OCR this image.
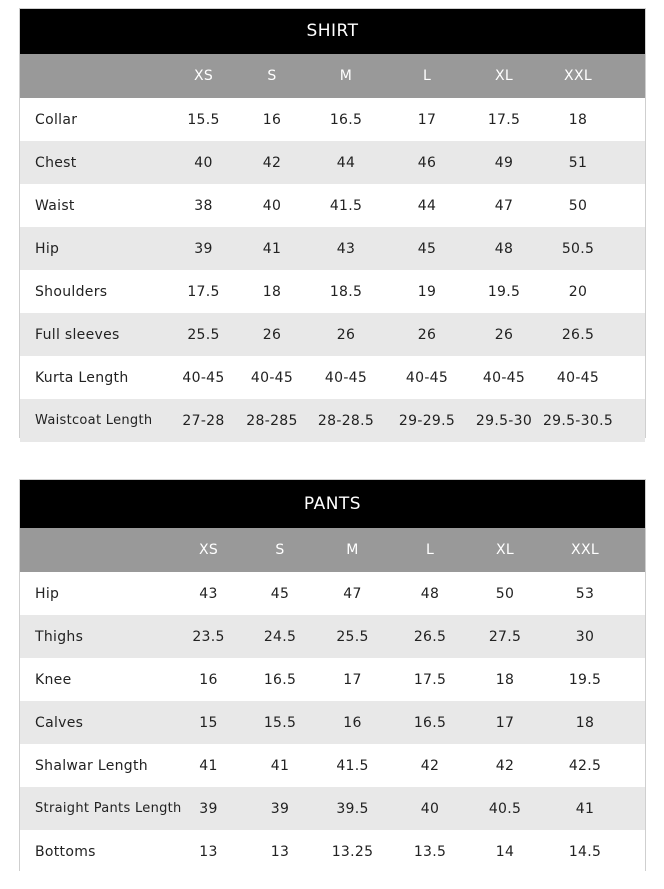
SHIRT
XS	S	M	L	XL	XXL
Collar	15.5	16	16.5	17	17.5	18
Chest	40	42	44	46	49	51
Waist	38	40	41.5	44	47	50
Hip	39	41	43	45	48	50.5
Shoulders	17.5	18	18.5	19	19.5	20
Full sleeves	25.5	26	26	26	26	26.5
Kurta Length	40-45	40-45	40-45	40-45	40-45	40-45
Waistcoat Length	27-28	28-285	28-28.5	29-29.5	29.5-30 29.5-30.5
PANTS
XS	S	M	L	XL	XXL
Hip	43	45	47	48	50	53
Thighs	23.5	24.5	25.5	26.5	27.5	30
Knee	16	16.5	17	17.5	18	19.5
Calves	15	15.5	16	16.5	17	18
Shalwar Length	41	41	41.5	42	42	42.5
Straight Pants Length	39	39	39.5	40	40.5	41
Bottoms	13	13	13.25	13.5	14	14.5
